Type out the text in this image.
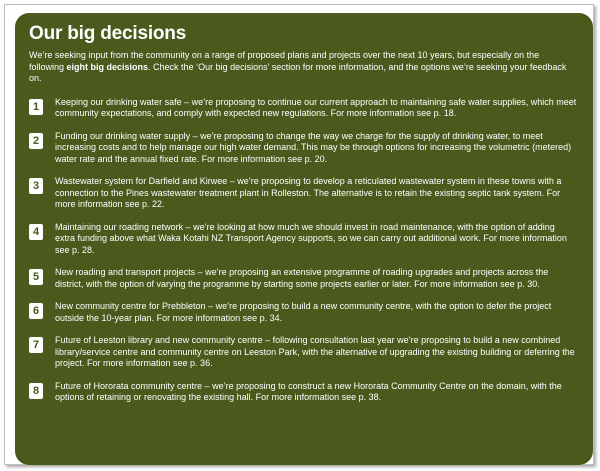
Our big decisions
We’re seeking input from the community on a range of proposed plans and projects over the next 10 years, but especially on the following eight big decisions. Check the ‘Our big decisions’ section for more information, and the options we’re seeking your feedback on.
1	Keeping our drinking water safe – we’re proposing to continue our current approach to maintaining safe water supplies, which meet community expectations, and comply with expected new regulations. For more information see p. 18.
2	Funding our drinking water supply – we’re proposing to change the way we charge for the supply of drinking water, to meet increasing costs and to help manage our high water demand. This may be through options for increasing the volumetric (metered) water rate and the annual fixed rate. For more information see p. 20.
3	Wastewater system for Darfield and Kirwee – we’re proposing to develop a reticulated wastewater system in these towns with a connection to the Pines wastewater treatment plant in Rolleston. The alternative is to retain the existing septic tank system. For more information see p. 22.
4	Maintaining our roading network – we’re looking at how much we should invest in road maintenance, with the option of adding extra funding above what Waka Kotahi NZ Transport Agency supports, so we can carry out additional work. For more information see p. 28.
5	New roading and transport projects – we’re proposing an extensive programme of roading upgrades and projects across the district, with the option of varying the programme by starting some projects earlier or later. For more information see p. 30.
6	New community centre for Prebbleton – we’re proposing to build a new community centre, with the option to defer the project outside the 10-year plan. For more information see p. 34.
7	Future of Leeston library and new community centre – following consultation last year we’re proposing to build a new combined library/service centre and community centre on Leeston Park, with the alternative of upgrading the existing building or deferring the project. For more information see p. 36.
8	Future of Hororata community centre – we’re proposing to construct a new Hororata Community Centre on the domain, with the options of retaining or renovating the existing hall. For more information see p. 38.
